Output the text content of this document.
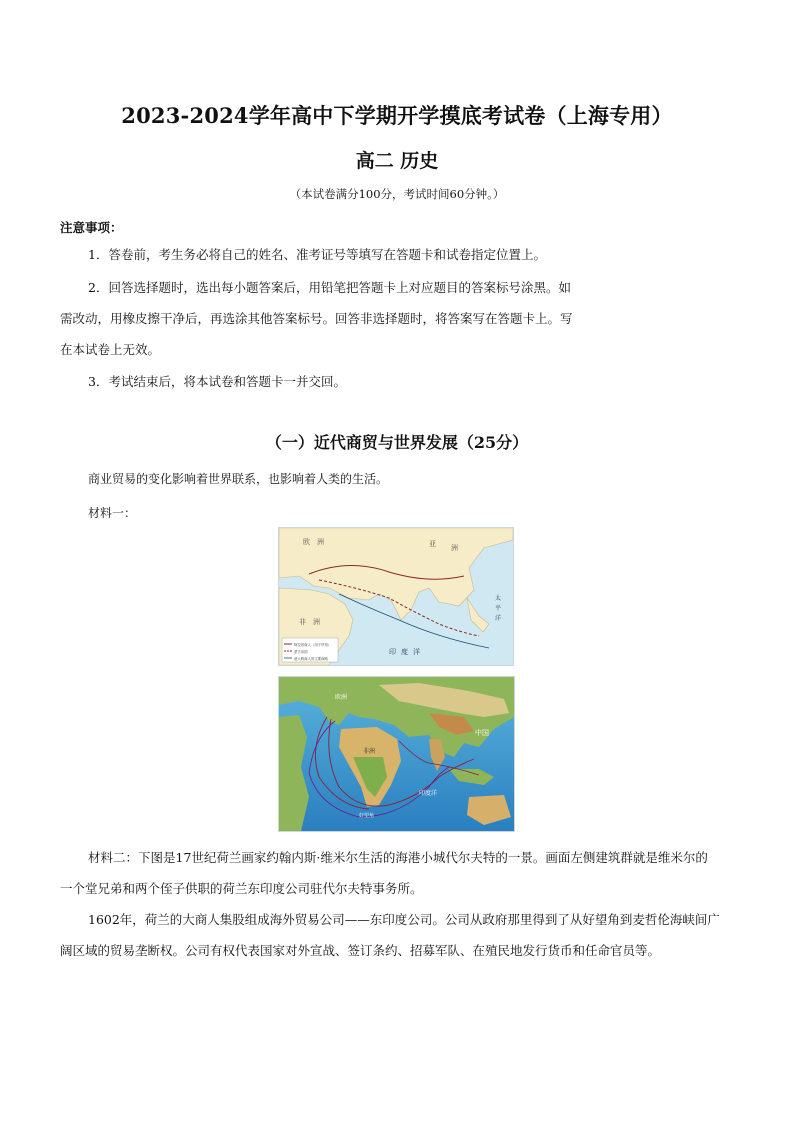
2023-2024学年高中下学期开学摸底考试卷（上海专用）
高二 历史
（本试卷满分100分，考试时间60分钟。）
注意事项：
1．答卷前，考生务必将自己的姓名、准考证号等填写在答题卡和试卷指定位置上。
2．回答选择题时，选出每小题答案后，用铅笔把答题卡上对应题目的答案标号涂黑。如
需改动，用橡皮擦干净后，再选涂其他答案标号。回答非选择题时，将答案写在答题卡上。写
在本试卷上无效。
3．考试结束后，将本试卷和答题卡一并交回。
（一）近代商贸与世界发展（25分）
商业贸易的变化影响着世界联系，也影响着人类的生活。
材料一：
亚 洲
欧 洲
非 洲
太
平
洋
印 度 洋
阿拉伯商人（用于贸易）
蒙古帝国
意大利商人的主要商路
中国
非洲
印度洋
好望角
欧洲
材料二：下图是17世纪荷兰画家约翰内斯·维米尔生活的海港小城代尔夫特的一景。画面左侧建筑群就是维米尔的一个堂兄弟和两个侄子供职的荷兰东印度公司驻代尔夫特事务所。
1602年，荷兰的大商人集股组成海外贸易公司——东印度公司。公司从政府那里得到了从好望角到麦哲伦海峡间广阔区域的贸易垄断权。公司有权代表国家对外宣战、签订条约、招募军队、在殖民地发行货币和任命官员等。
